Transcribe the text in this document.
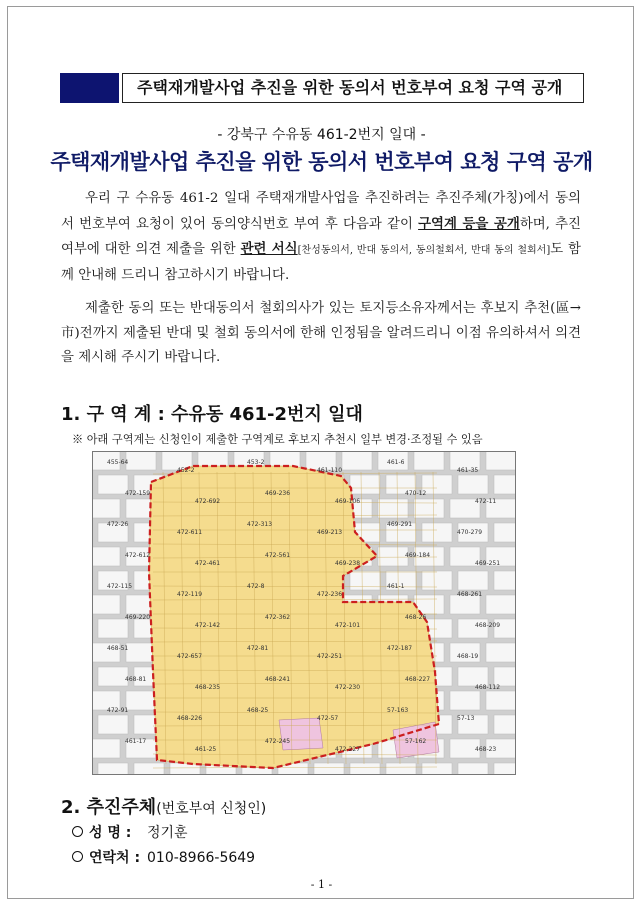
주택재개발사업 추진을 위한 동의서 번호부여 요청 구역 공개
- 강북구 수유동 461-2번지 일대 -
주택재개발사업 추진을 위한 동의서 번호부여 요청 구역 공개
우리 구 수유동 461-2 일대 주택재개발사업을 추진하려는 추진주체(가칭)에서 동의서 번호부여 요청이 있어 동의양식번호 부여 후 다음과 같이 구역계 등을 공개하며, 추진여부에 대한 의견 제출을 위한 관련 서식[찬성동의서, 반대 동의서, 동의철회서, 반대 동의 철회서]도 함께 안내해 드리니 참고하시기 바랍니다.
제출한 동의 또는 반대동의서 철회의사가 있는 토지등소유자께서는 후보지 추천(區→市)전까지 제출된 반대 및 철회 동의서에 한해 인정됨을 알려드리니 이점 유의하셔서 의견을 제시해 주시기 바랍니다.
1. 구 역 계 : 수유동 461-2번지 일대
※ 아래 구역계는 신청인이 제출한 구역계로 후보지 추천시 일부 변경·조정될 수 있음
455-64
452-2
453-2
461-110
461-6
461-35
472-159
472-692
469-236
469-106
470-12
472-11
472-26
472-611
472-313
469-213
469-291
470-279
472-612
472-461
472-561
469-238
469-184
469-251
472-115
472-119
472-8
472-236
461-1
468-261
469-220
472-142
472-362
472-101
468-26
468-209
468-51
472-657
472-81
472-251
472-187
468-19
468-81
468-235
468-241
472-230
468-227
468-112
472-91
468-226
468-25
472-57
57-163
57-13
461-17
461-25
472-245
472-227
57-162
468-23
2. 추진주체(번호부여 신청인)
성 명 : 정기훈
연락처 : 010-8966-5649
- 1 -
